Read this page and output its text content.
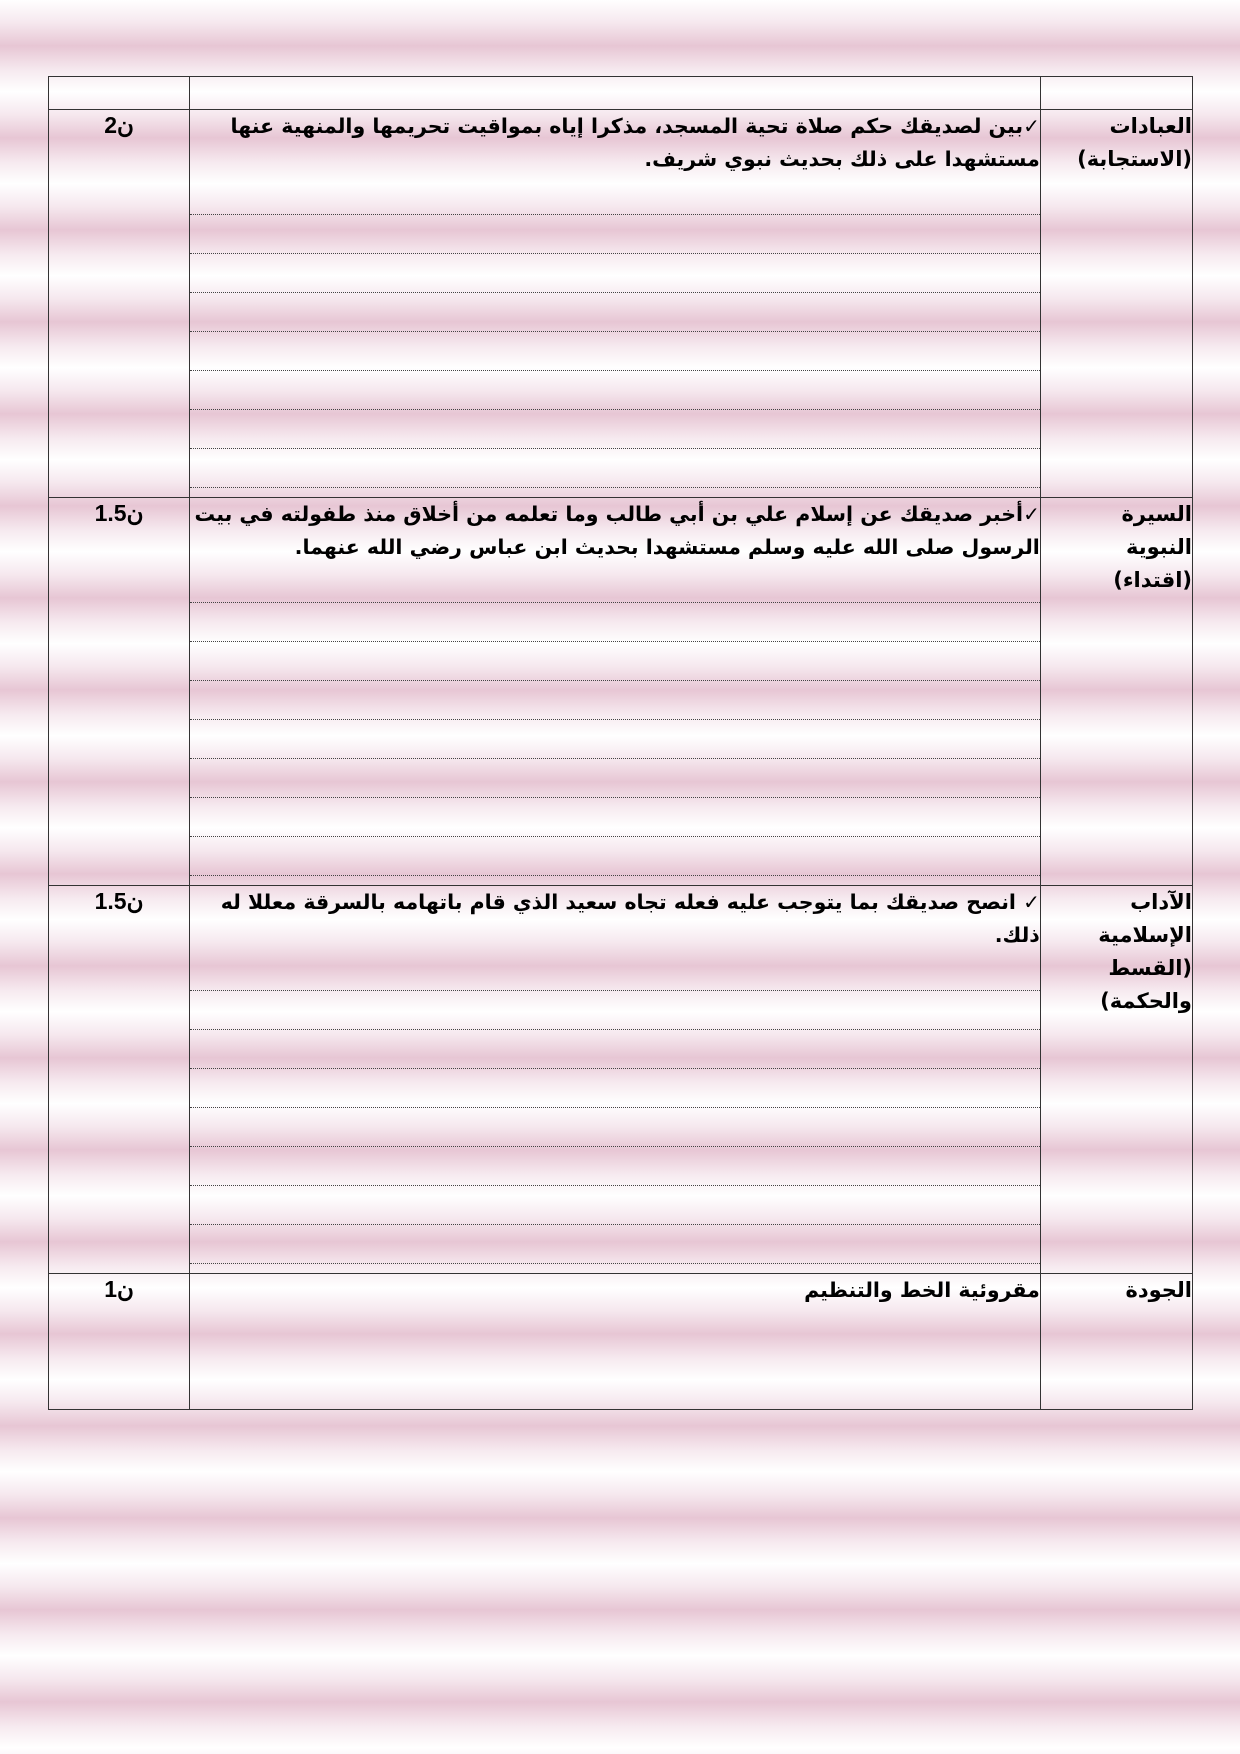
2ن	✓بين لصديقك حكم صلاة تحية المسجد، مذكرا إياه بمواقيت تحريمها والمنهية عنها
مستشهدا على ذلك بحديث نبوي شريف.	العبادات
(الاستجابة)

1.5ن	✓أخبر صديقك عن إسلام علي بن أبي طالب وما تعلمه من أخلاق منذ طفولته في بيت
الرسول صلى الله عليه وسلم مستشهدا بحديث ابن عباس رضي الله عنهما.	السيرة
النبوية
(اقتداء)

1.5ن	✓ انصح صديقك بما يتوجب عليه فعله تجاه سعيد الذي قام باتهامه بالسرقة معللا له
ذلك.	الآداب
الإسلامية
(القسط
والحكمة)

1ن	مقروئية الخط والتنظيم	الجودة
